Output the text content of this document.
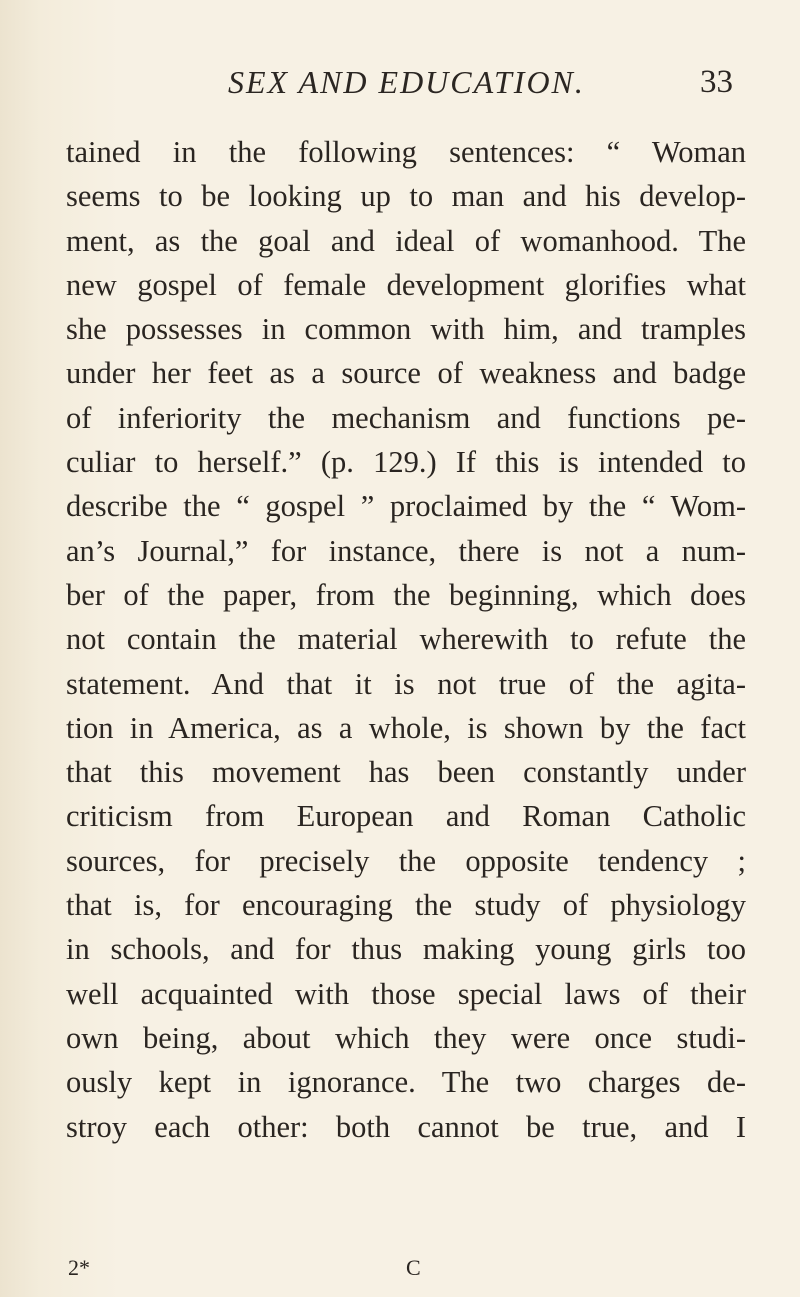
SEX AND EDUCATION.	33
tained in the following sentences: “ Woman
seems to be looking up to man and his develop-
ment, as the goal and ideal of womanhood. The
new gospel of female development glorifies what
she possesses in common with him, and tramples
under her feet as a source of weakness and badge
of inferiority the mechanism and functions pe-
culiar to herself.” (p. 129.) If this is intended to
describe the “ gospel ” proclaimed by the “ Wom-
an’s Journal,” for instance, there is not a num-
ber of the paper, from the beginning, which does
not contain the material wherewith to refute the
statement. And that it is not true of the agita-
tion in America, as a whole, is shown by the fact
that this movement has been constantly under
criticism from European and Roman Catholic
sources, for precisely the opposite tendency ;
that is, for encouraging the study of physiology
in schools, and for thus making young girls too
well acquainted with those special laws of their
own being, about which they were once studi-
ously kept in ignorance. The two charges de-
stroy each other: both cannot be true, and I
2*	C
